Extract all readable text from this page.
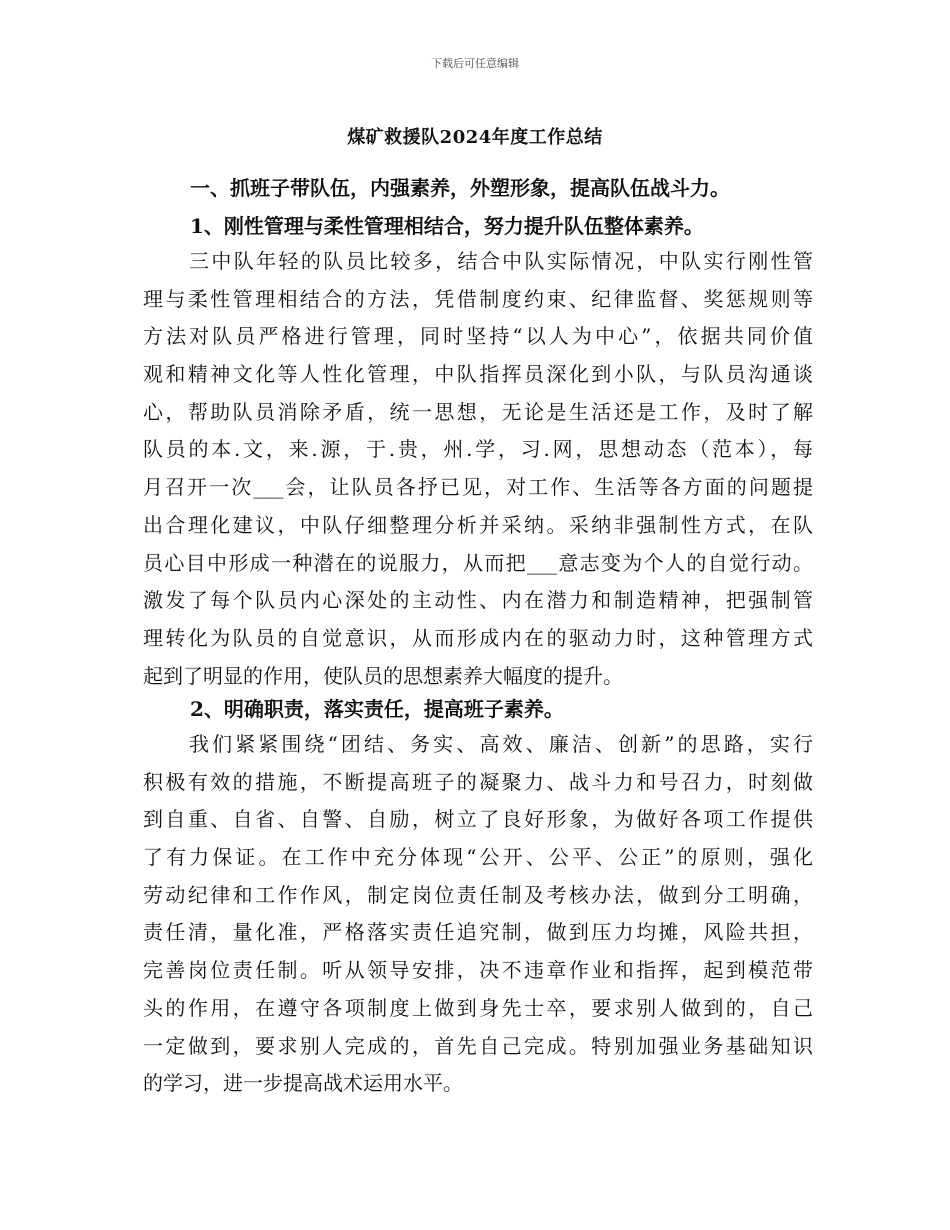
下载后可任意编辑
煤矿救援队2024年度工作总结
一、抓班子带队伍，内强素养，外塑形象，提高队伍战斗力。
1、刚性管理与柔性管理相结合，努力提升队伍整体素养。
三中队年轻的队员比较多，结合中队实际情况，中队实行刚性管
理与柔性管理相结合的方法，凭借制度约束、纪律监督、奖惩规则等
方法对队员严格进行管理，同时坚持“以人为中心”，依据共同价值
观和精神文化等人性化管理，中队指挥员深化到小队，与队员沟通谈
心，帮助队员消除矛盾，统一思想，无论是生活还是工作，及时了解
队员的本.文，来.源，于.贵，州.学，习.网，思想动态（范本），每
月召开一次___会，让队员各抒已见，对工作、生活等各方面的问题提
出合理化建议，中队仔细整理分析并采纳。采纳非强制性方式，在队
员心目中形成一种潜在的说服力，从而把___意志变为个人的自觉行动。
激发了每个队员内心深处的主动性、内在潜力和制造精神，把强制管
理转化为队员的自觉意识，从而形成内在的驱动力时，这种管理方式
起到了明显的作用，使队员的思想素养大幅度的提升。
2、明确职责，落实责任，提高班子素养。
我们紧紧围绕“团结、务实、高效、廉洁、创新”的思路，实行
积极有效的措施，不断提高班子的凝聚力、战斗力和号召力，时刻做
到自重、自省、自警、自励，树立了良好形象，为做好各项工作提供
了有力保证。在工作中充分体现“公开、公平、公正”的原则，强化
劳动纪律和工作作风，制定岗位责任制及考核办法，做到分工明确，
责任清，量化准，严格落实责任追究制，做到压力均摊，风险共担，
完善岗位责任制。听从领导安排，决不违章作业和指挥，起到模范带
头的作用，在遵守各项制度上做到身先士卒，要求别人做到的，自己
一定做到，要求别人完成的，首先自己完成。特别加强业务基础知识
的学习，进一步提高战术运用水平。
